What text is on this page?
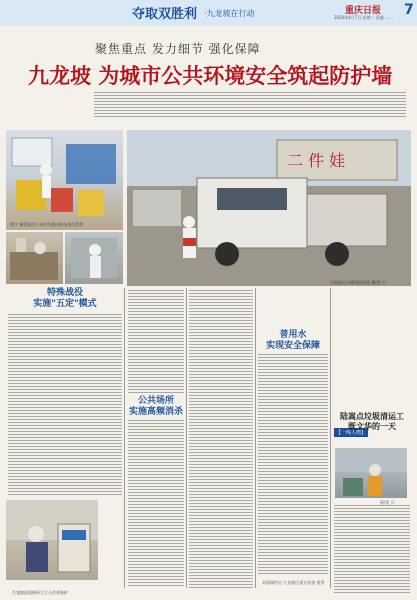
夺取双胜利 ·九龙坡在行动	重庆日报 7
2020年4月7日 星期二 责编 ……
聚焦重点 发力细节 强化保障
九龙坡 为城市公共环境安全筑起防护墙
图片 城管执法人员对垃圾中转站进行消杀
二 件 娃
垃圾转运车辆清洗消毒 摄/贺 川
九龙坡区组织环卫工人作业防护
摄/贺 川
特殊战役
实施"五定"模式
公共场所
实施高频消杀
普用水
实现安全保障
本版稿件由 九龙坡区委宣传部 提供
【一线人物】
陆嵩点垃圾清运工
既文华的一天
